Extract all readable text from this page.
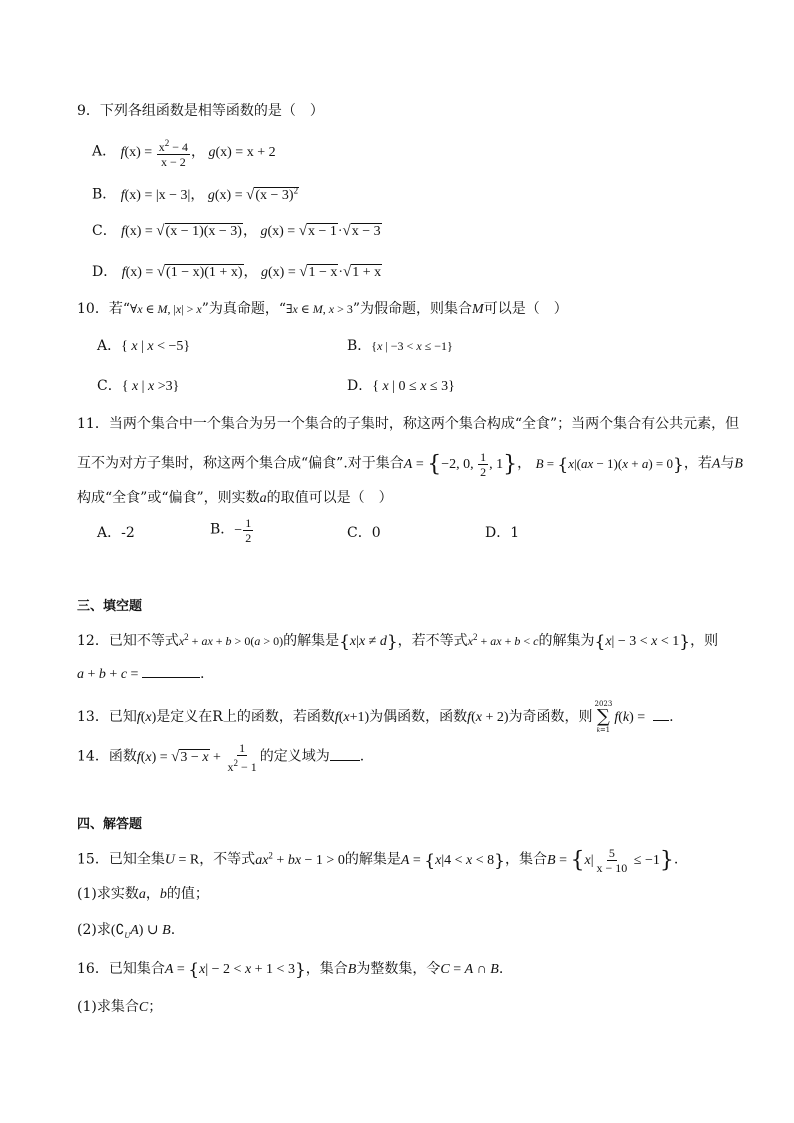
9．下列各组函数是相等函数的是（　）
A． $f(x) = \frac{x^2 - 4}{x - 2}$ ， g(x) = x + 2
B． f(x) = |x − 3|， $g(x) = √(x - 3)^2$
C． f(x) = √(x − 1)(x − 3)， g(x) = √x − 1·√x − 3
D． f(x) = √(1 − x)(1 + x)， g(x) = √1 − x·√1 + x
10．若“∀x ∈ M, |x| > x”为真命题，“∃x ∈ M, x > 3”为假命题，则集合M可以是（　）
A．{ x | x < −5}	B．{x | −3 < x ≤ −1}
C．{ x | x >3}	D．{ x | 0 ≤ x ≤ 3}
11．当两个集合中一个集合为另一个集合的子集时，称这两个集合构成“全食”；当两个集合有公共元素，但
互不为对方子集时，称这两个集合成“偏食”.对于集合A = {−2, 0, $\frac{1}{2}$ , 1}， B = {x|(ax − 1)(x + a) = 0}，若A与B
构成“全食”或“偏食”，则实数a的取值可以是（　）
A．-2	B．− $\frac{1}{2}$	C．0	D．1
三、填空题
12．已知不等式$x^2$ + ax + b > 0(a > 0)的解集是{x|x ≠ d}，若不等式$x^2$ + ax + b < c的解集为{x| − 3 < x < 1}，则
a + b + c =	.
13．已知f(x)是定义在R上的函数，若函数f(x+1)为偶函数，函数f(x + 2)为奇函数，则
2023
∑
k=1
f(k) =  .
14．函数$f(x) = √3 - x + \frac{1}{x^2 - 1}$ 的定义域为 .
四、解答题
15．已知全集U = R，不等式$ax^2$ + bx − 1 > 0的解集是A = {x|4 < x < 8}，集合$B = \{x| \frac{5}{x - 10} \le -1\}$.
(1)求实数a，b的值；
(2)求$(∁_UA)$ ∪ B.
16．已知集合A = {x| − 2 < x + 1 < 3}，集合B为整数集，令C = A ∩ B.
(1)求集合C；
